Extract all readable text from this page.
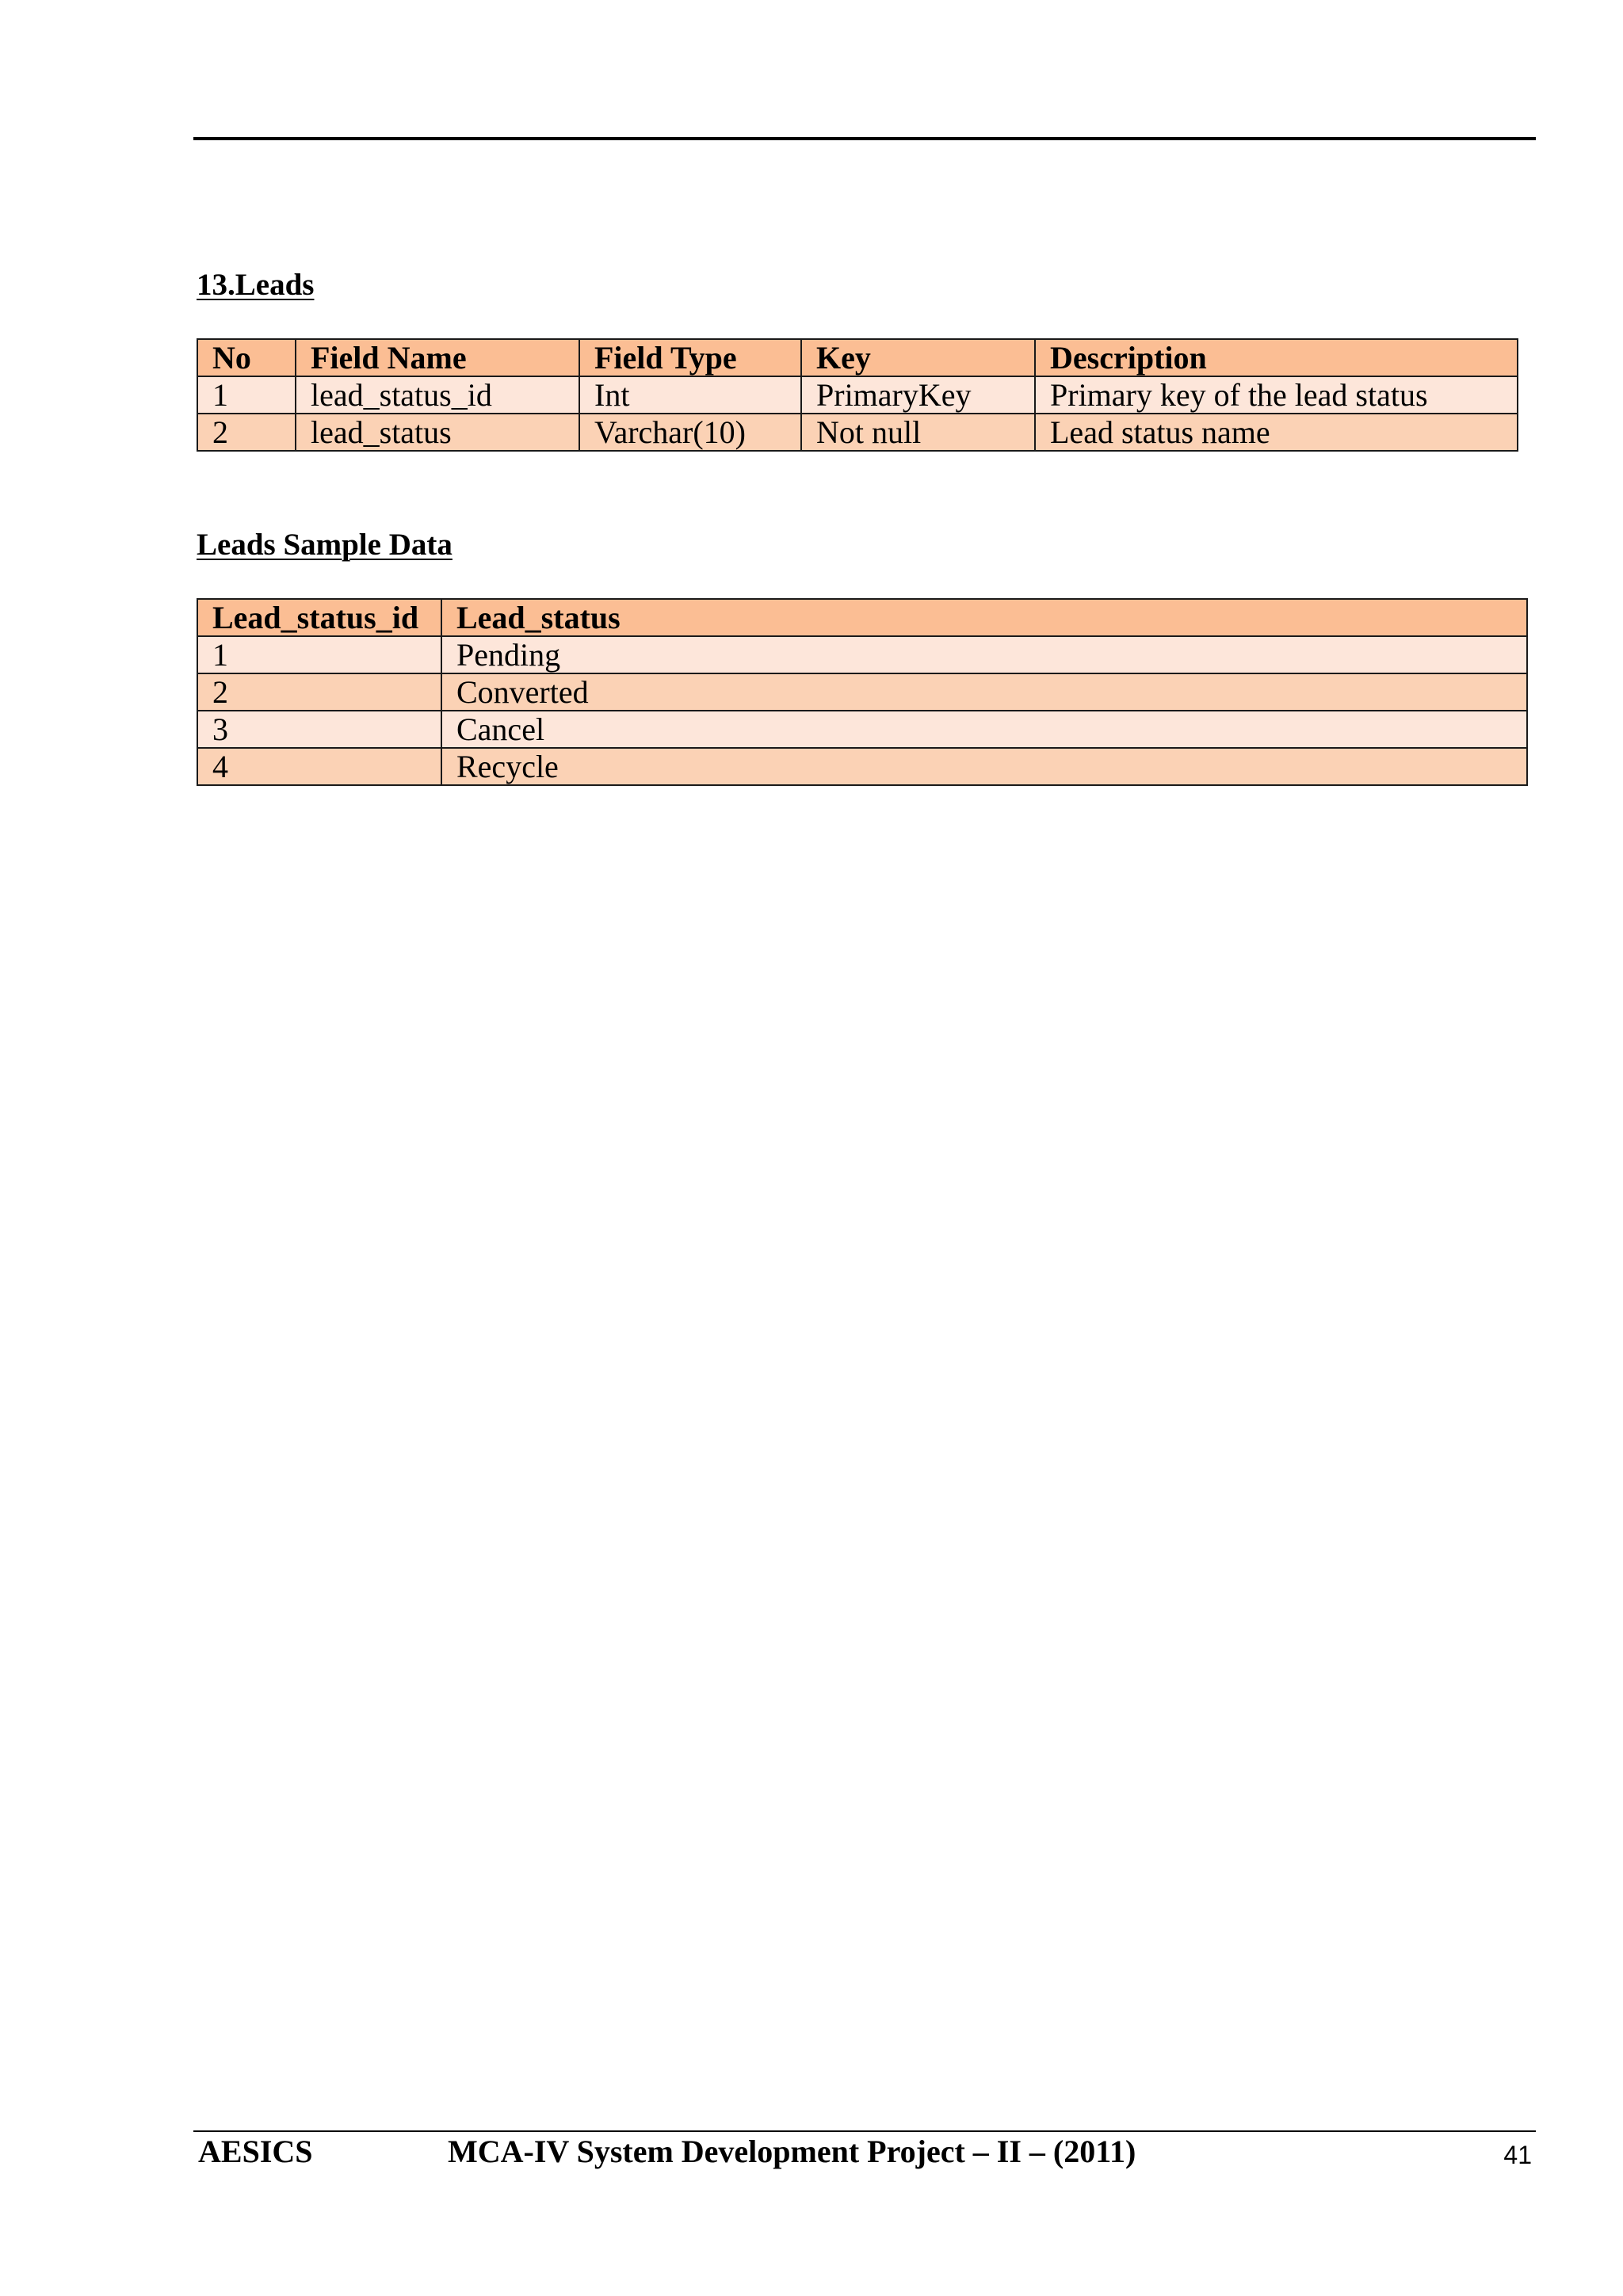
13.Leads
No	Field Name	Field Type	Key	Description
1	lead_status_id	Int	PrimaryKey	Primary key of the lead status
2	lead_status	Varchar(10)	Not null	Lead status name
Leads Sample Data
Lead_status_id	Lead_status
1	Pending
2	Converted
3	Cancel
4	Recycle
AESICS	MCA-IV System Development Project – II – (2011)	41
